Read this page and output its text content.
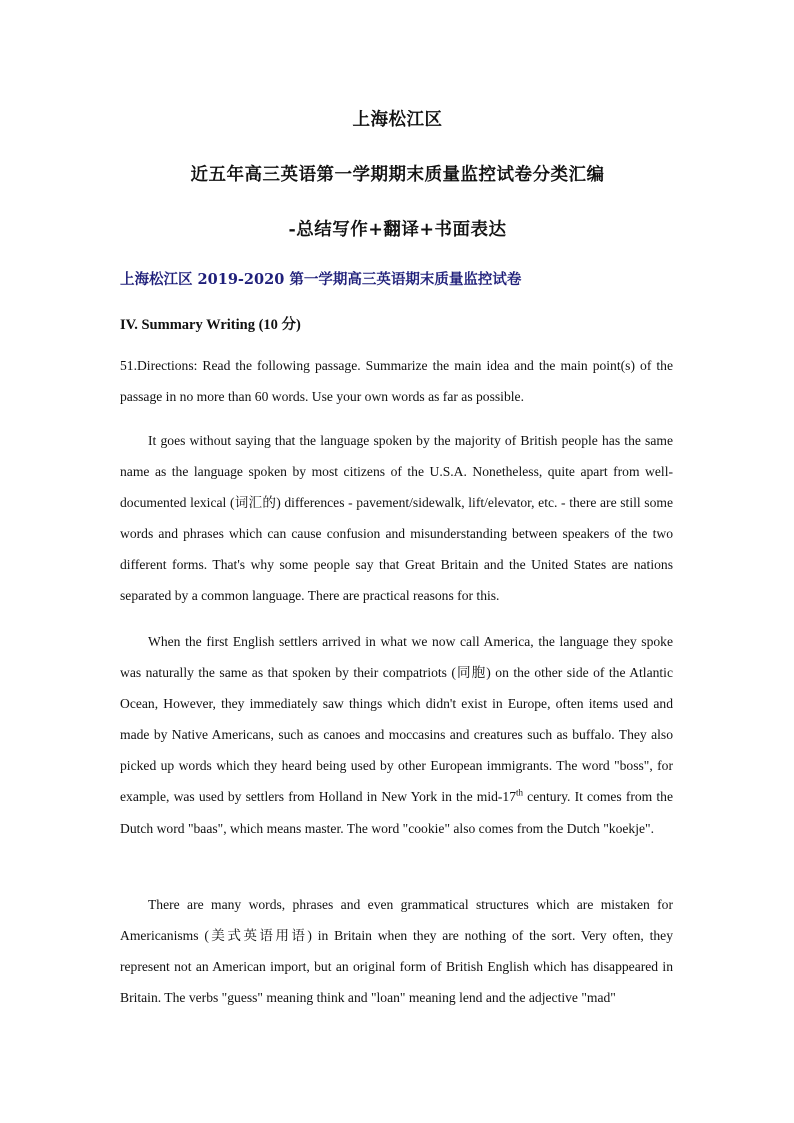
上海松江区

近五年高三英语第一学期期末质量监控试卷分类汇编

-总结写作+翻译+书面表达

上海松江区 2019-2020 第一学期高三英语期末质量监控试卷

IV. Summary Writing (10 分)

51.Directions: Read the following passage. Summarize the main idea and the main point(s) of the passage in no more than 60 words. Use your own words as far as possible.

It goes without saying that the language spoken by the majority of British people has the same name as the language spoken by most citizens of the U.S.A. Nonetheless, quite apart from well-documented lexical (词汇的) differences - pavement/sidewalk, lift/elevator, etc. - there are still some words and phrases which can cause confusion and misunderstanding between speakers of the two different forms. That's why some people say that Great Britain and the United States are nations separated by a common language. There are practical reasons for this.

When the first English settlers arrived in what we now call America, the language they spoke was naturally the same as that spoken by their compatriots (同胞) on the other side of the Atlantic Ocean, However, they immediately saw things which didn't exist in Europe, often items used and made by Native Americans, such as canoes and moccasins and creatures such as buffalo. They also picked up words which they heard being used by other European immigrants. The word "boss", for example, was used by settlers from Holland in New York in the mid-17th century. It comes from the Dutch word "baas", which means master. The word "cookie" also comes from the Dutch "koekje".

There are many words, phrases and even grammatical structures which are mistaken for Americanisms (美式英语用语) in Britain when they are nothing of the sort. Very often, they represent not an American import, but an original form of British English which has disappeared in Britain. The verbs "guess" meaning think and "loan" meaning lend and the adjective "mad"
